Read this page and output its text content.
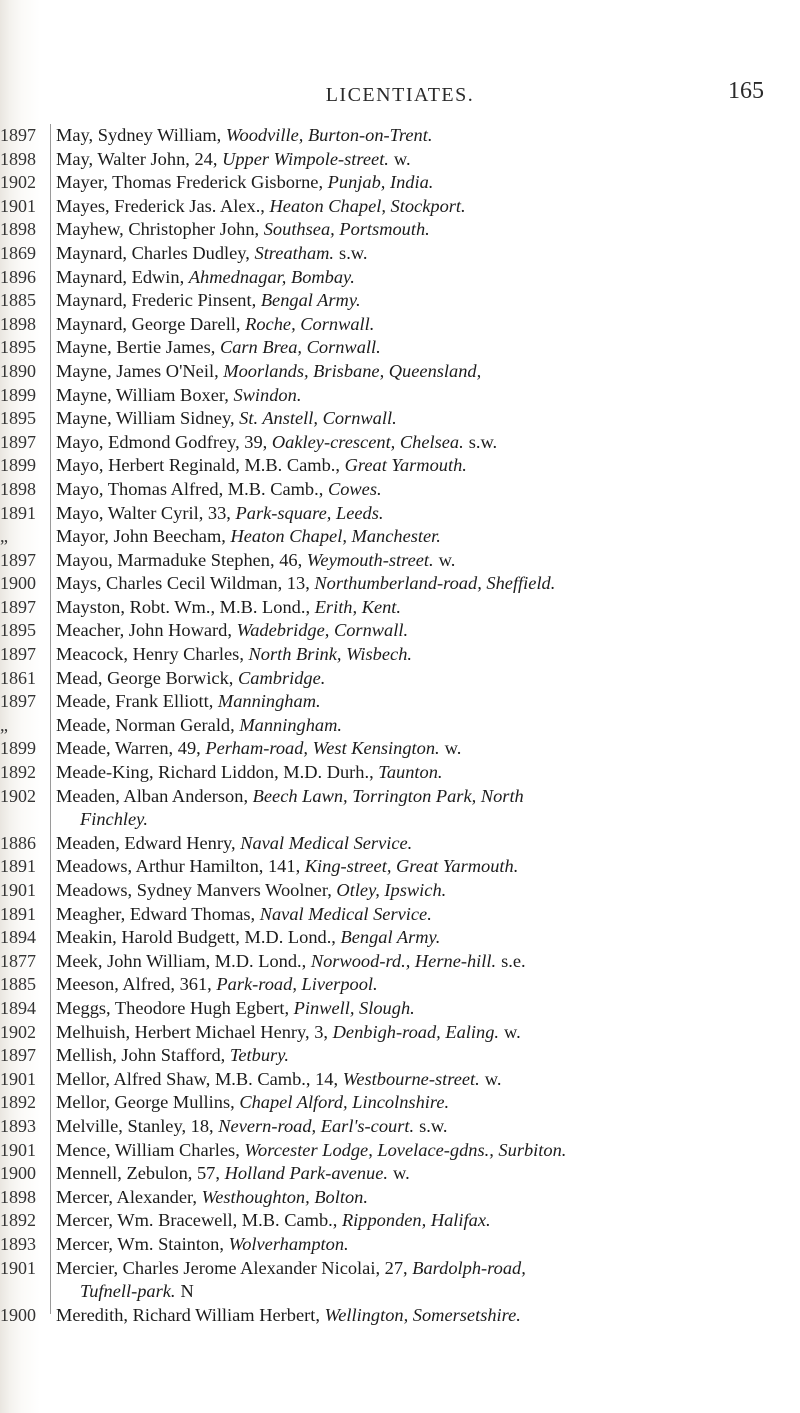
LICENTIATES.	165
1897
1898
1902
1901
1898
1869
1896
1885
1898
1895
1890
1899
1895
1897
1899
1898
1891
„
1897
1900
1897
1895
1897
1861
1897
„
1899
1892
1902
1886
1891
1901
1891
1894
1877
1885
1894
1902
1897
1901
1892
1893
1901
1900
1898
1892
1893
1901
1900
May, Sydney William, Woodville, Burton-on-Trent.
May, Walter John, 24, Upper Wimpole-street. w.
Mayer, Thomas Frederick Gisborne, Punjab, India.
Mayes, Frederick Jas. Alex., Heaton Chapel, Stockport.
Mayhew, Christopher John, Southsea, Portsmouth.
Maynard, Charles Dudley, Streatham. s.w.
Maynard, Edwin, Ahmednagar, Bombay.
Maynard, Frederic Pinsent, Bengal Army.
Maynard, George Darell, Roche, Cornwall.
Mayne, Bertie James, Carn Brea, Cornwall.
Mayne, James O'Neil, Moorlands, Brisbane, Queensland,
Mayne, William Boxer, Swindon.
Mayne, William Sidney, St. Anstell, Cornwall.
Mayo, Edmond Godfrey, 39, Oakley-crescent, Chelsea. s.w.
Mayo, Herbert Reginald, M.B. Camb., Great Yarmouth.
Mayo, Thomas Alfred, M.B. Camb., Cowes.
Mayo, Walter Cyril, 33, Park-square, Leeds.
Mayor, John Beecham, Heaton Chapel, Manchester.
Mayou, Marmaduke Stephen, 46, Weymouth-street. w.
Mays, Charles Cecil Wildman, 13, Northumberland-road, Sheffield.
Mayston, Robt. Wm., M.B. Lond., Erith, Kent.
Meacher, John Howard, Wadebridge, Cornwall.
Meacock, Henry Charles, North Brink, Wisbech.
Mead, George Borwick, Cambridge.
Meade, Frank Elliott, Manningham.
Meade, Norman Gerald, Manningham.
Meade, Warren, 49, Perham-road, West Kensington. w.
Meade-King, Richard Liddon, M.D. Durh., Taunton.
Meaden, Alban Anderson, Beech Lawn, Torrington Park, North
Finchley.
Meaden, Edward Henry, Naval Medical Service.
Meadows, Arthur Hamilton, 141, King-street, Great Yarmouth.
Meadows, Sydney Manvers Woolner, Otley, Ipswich.
Meagher, Edward Thomas, Naval Medical Service.
Meakin, Harold Budgett, M.D. Lond., Bengal Army.
Meek, John William, M.D. Lond., Norwood-rd., Herne-hill. s.e.
Meeson, Alfred, 361, Park-road, Liverpool.
Meggs, Theodore Hugh Egbert, Pinwell, Slough.
Melhuish, Herbert Michael Henry, 3, Denbigh-road, Ealing. w.
Mellish, John Stafford, Tetbury.
Mellor, Alfred Shaw, M.B. Camb., 14, Westbourne-street. w.
Mellor, George Mullins, Chapel Alford, Lincolnshire.
Melville, Stanley, 18, Nevern-road, Earl's-court. s.w.
Mence, William Charles, Worcester Lodge, Lovelace-gdns., Surbiton.
Mennell, Zebulon, 57, Holland Park-avenue. w.
Mercer, Alexander, Westhoughton, Bolton.
Mercer, Wm. Bracewell, M.B. Camb., Ripponden, Halifax.
Mercer, Wm. Stainton, Wolverhampton.
Mercier, Charles Jerome Alexander Nicolai, 27, Bardolph-road,
Tufnell-park. N
Meredith, Richard William Herbert, Wellington, Somersetshire.
